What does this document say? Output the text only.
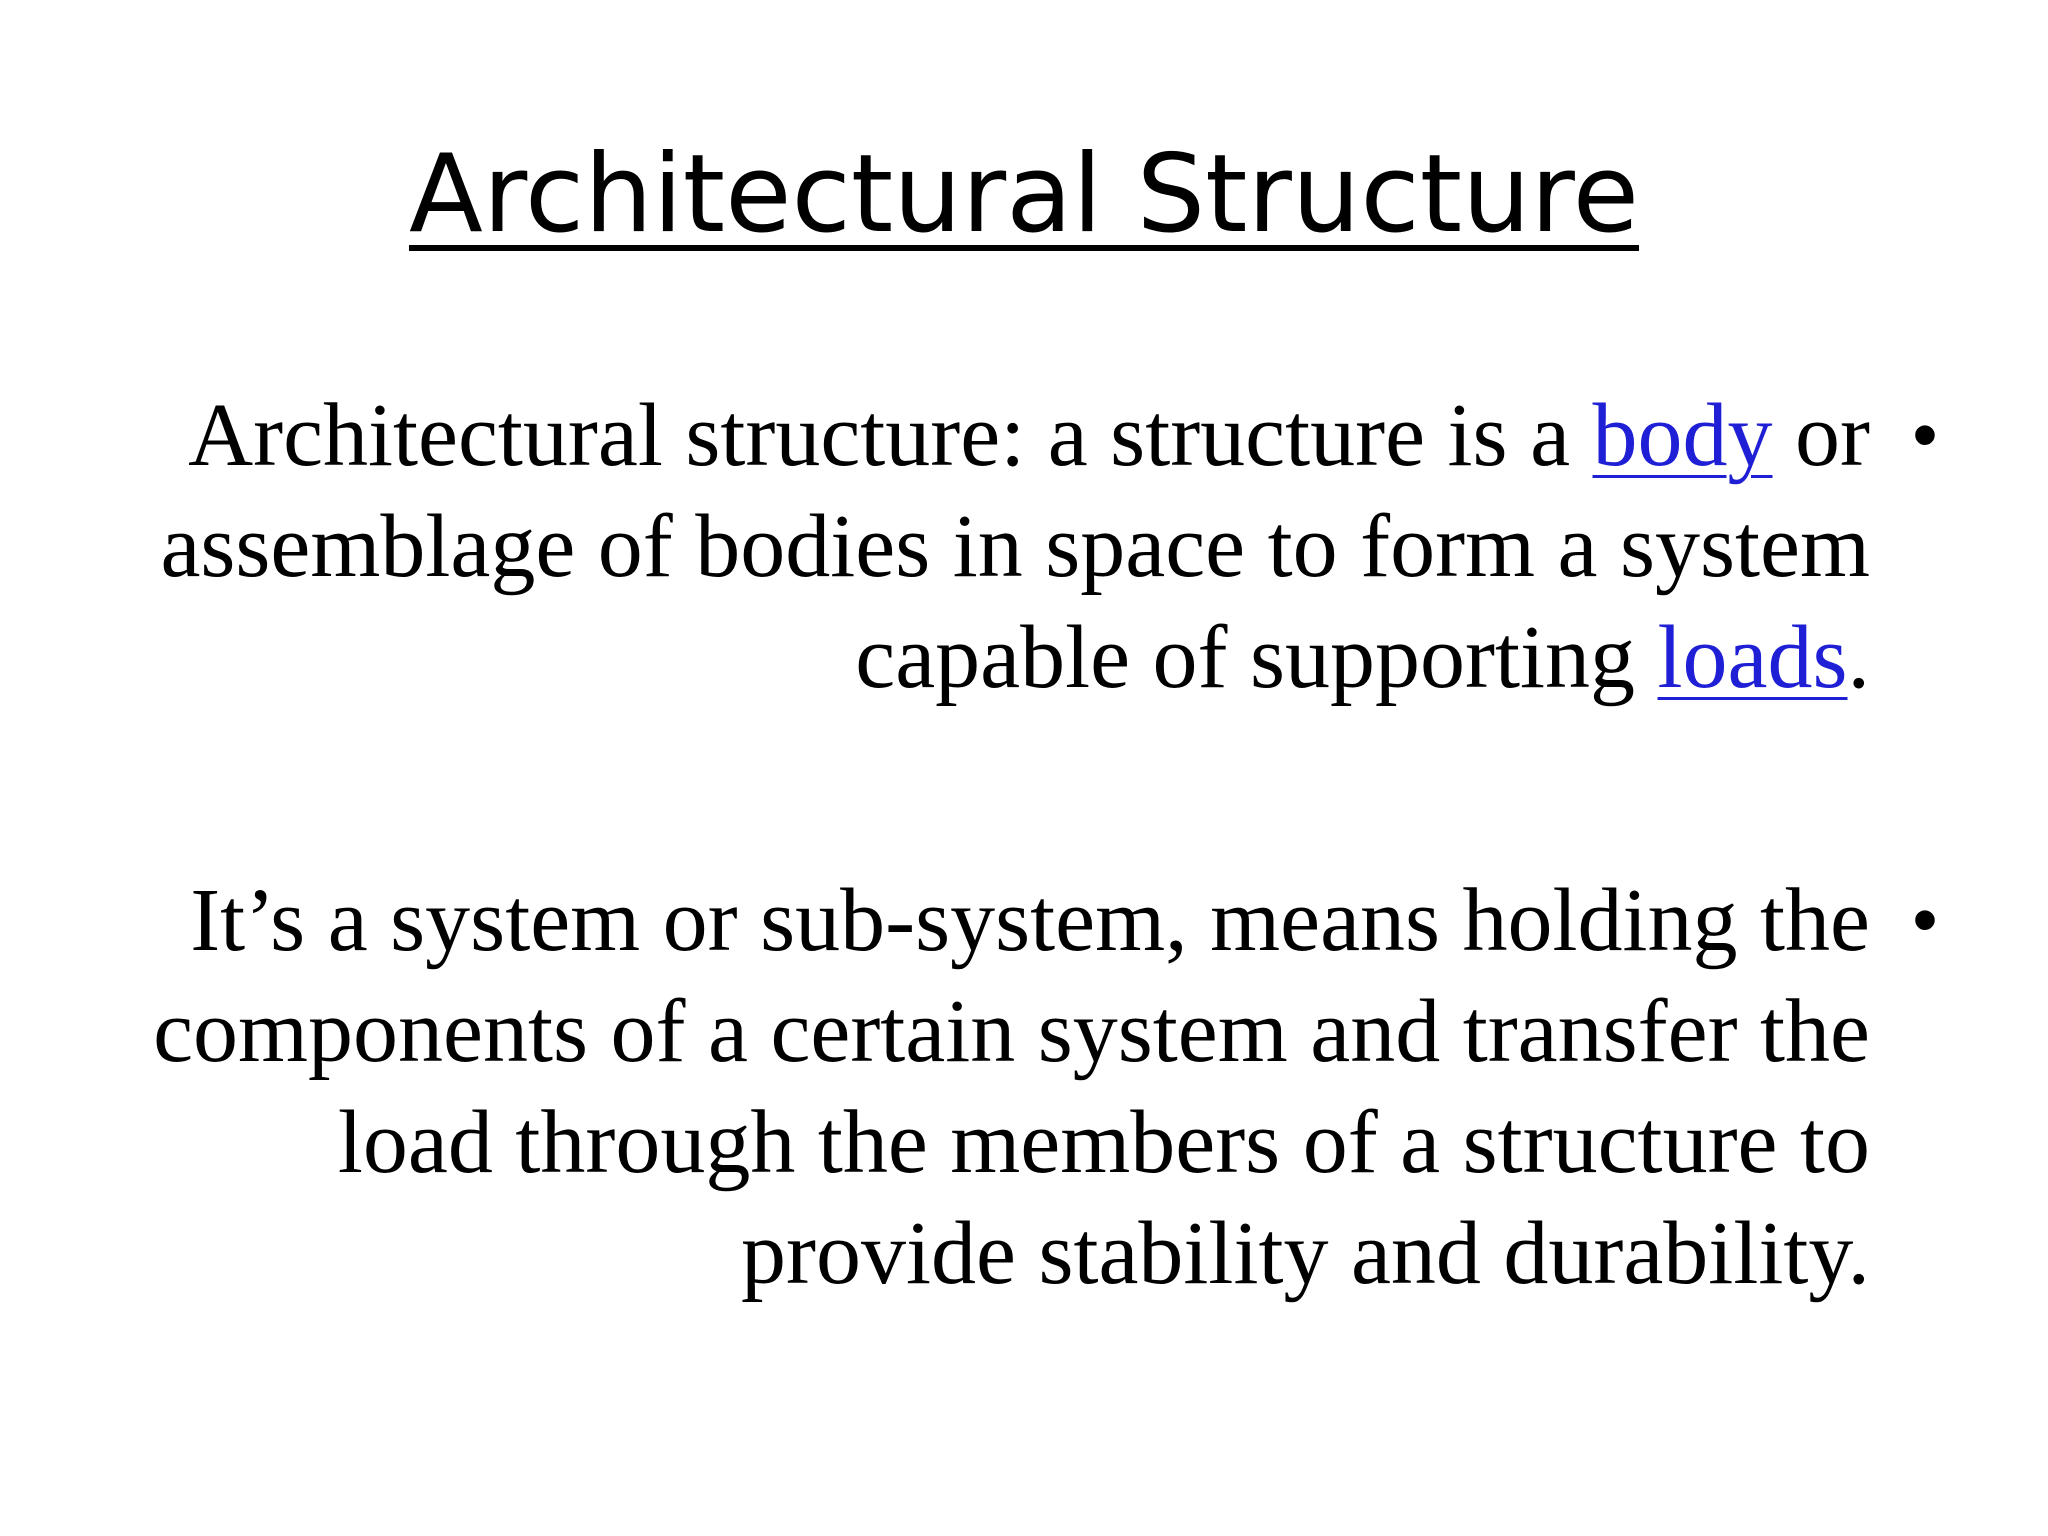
Architectural Structure
•

Architectural structure: a structure is a body or assemblage of bodies in space to form a system capable of supporting loads.

•

It’s a system or sub-system, means holding the components of a certain system and transfer the load through the members of a structure to provide stability and durability.
